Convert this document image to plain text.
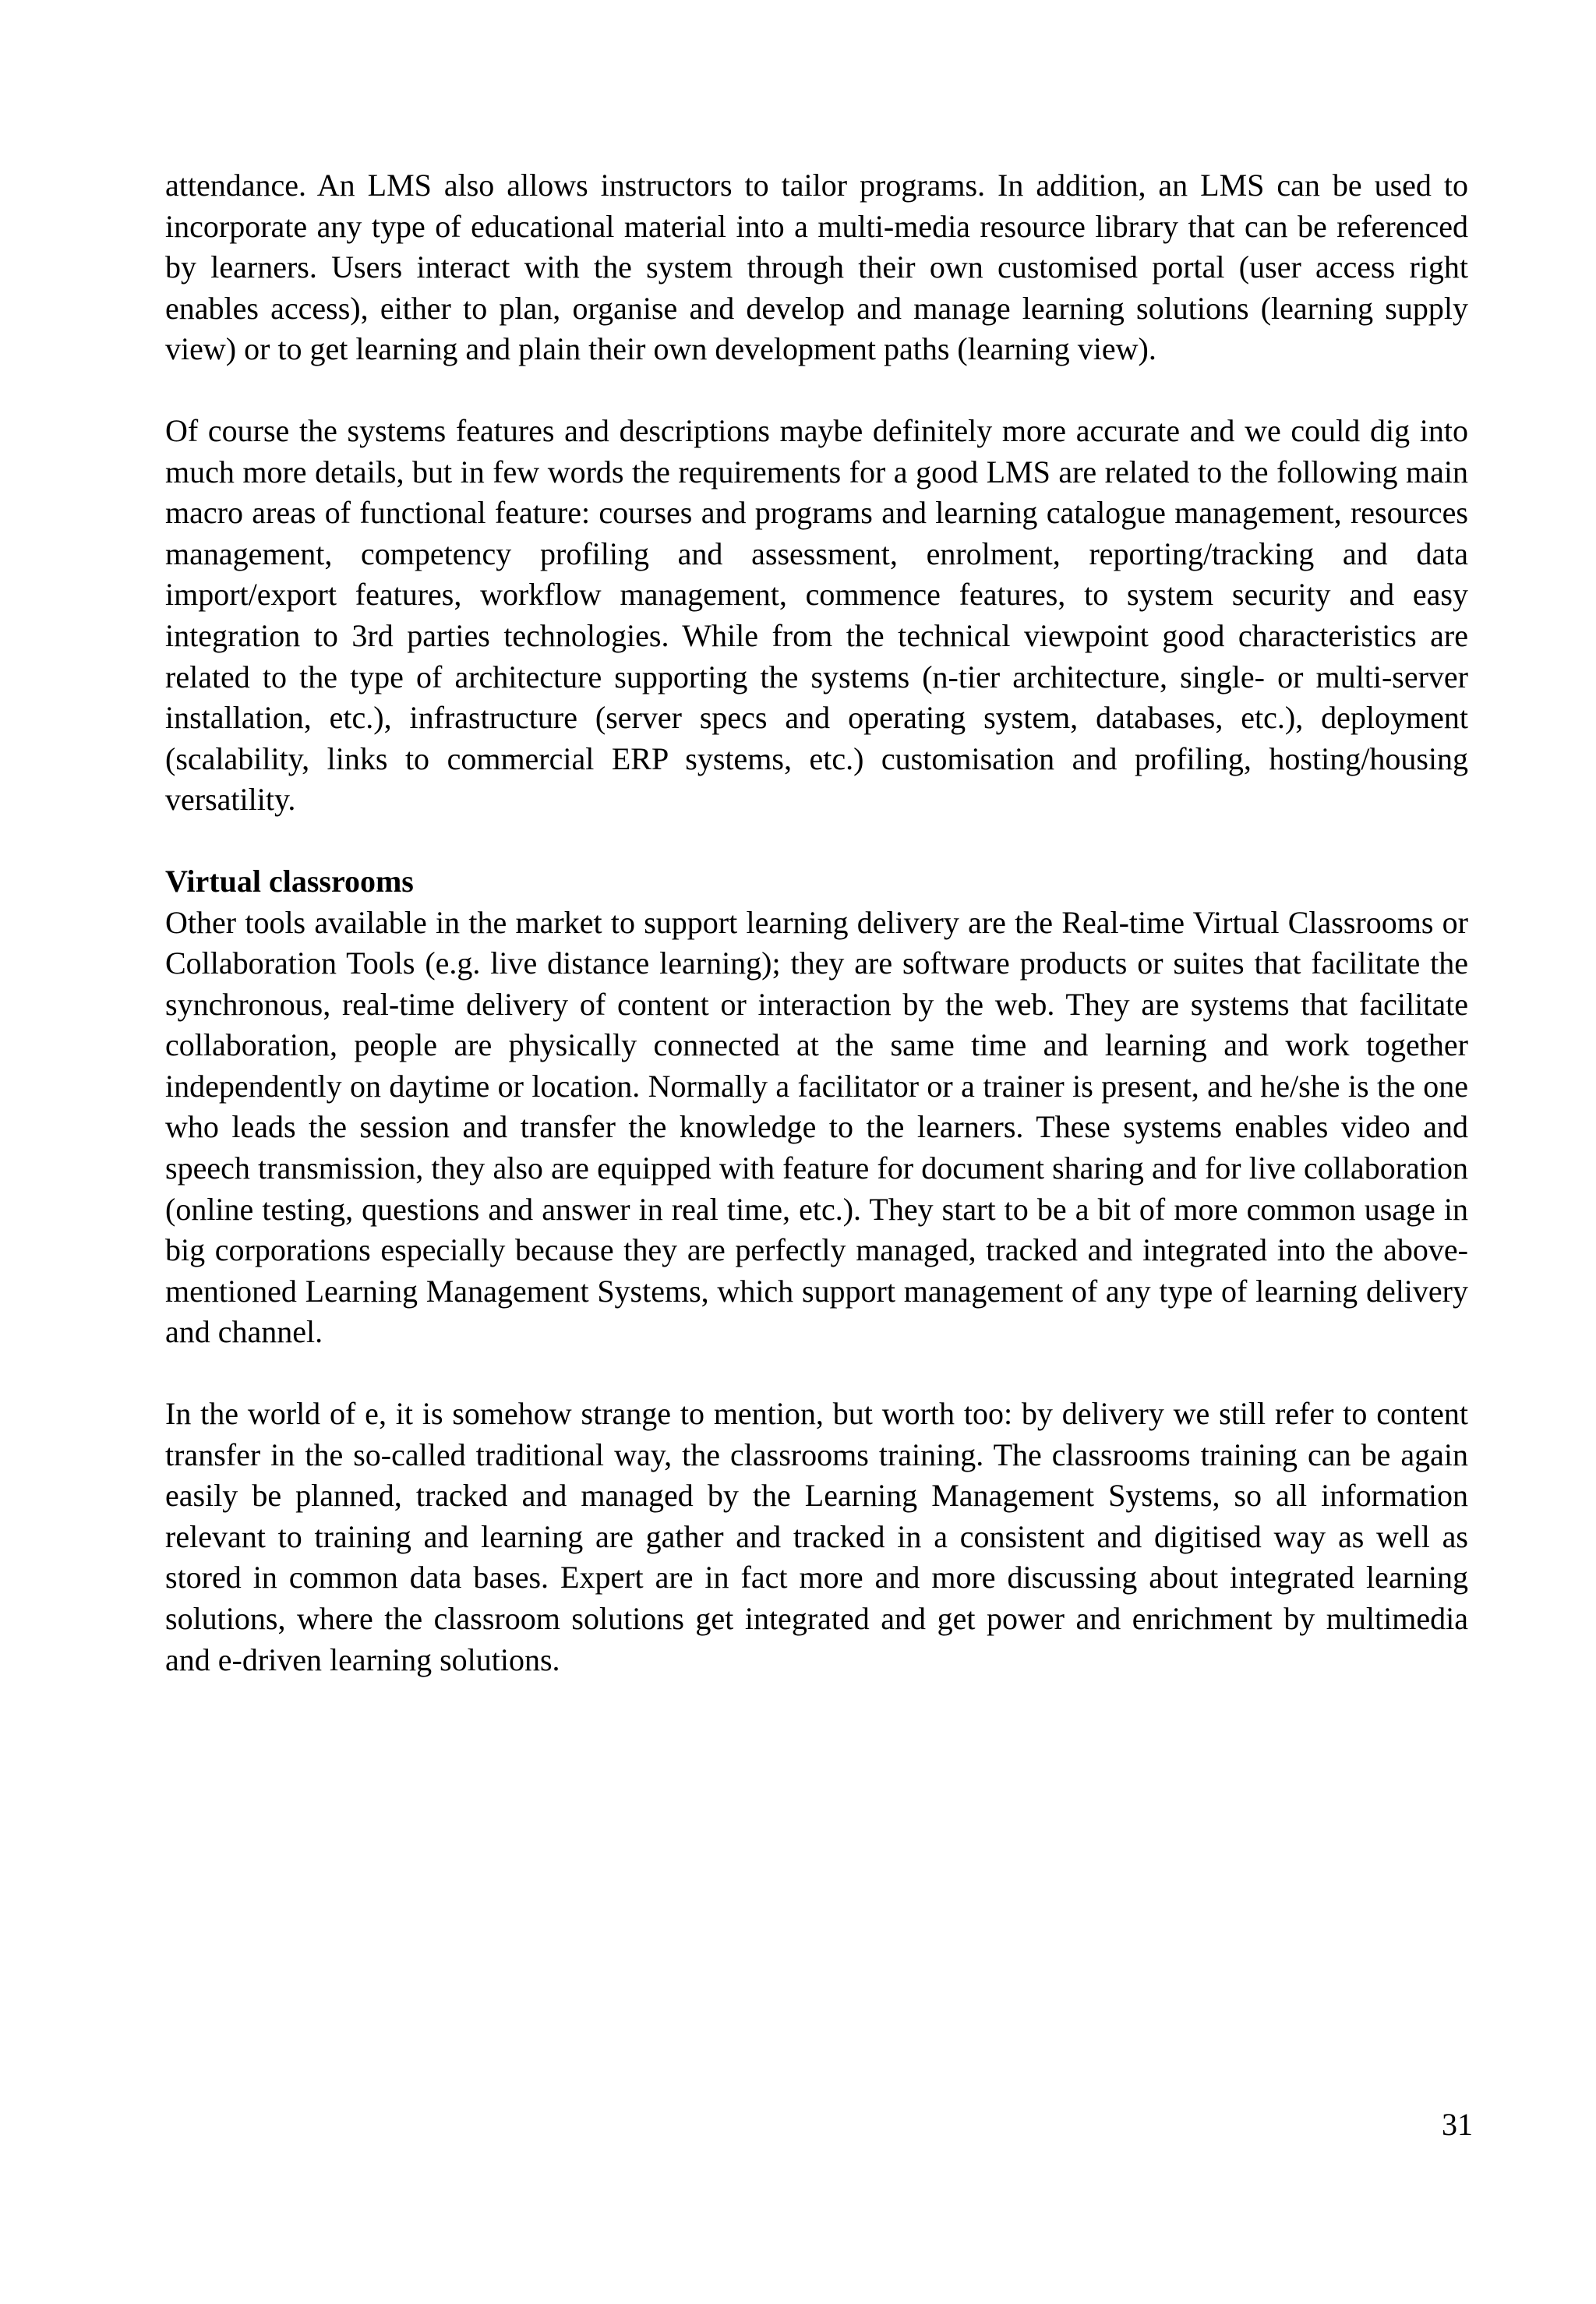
attendance. An LMS also allows instructors to tailor programs. In addition, an LMS can be used to incorporate any type of educational material into a multi-media resource library that can be referenced by learners. Users interact with the system through their own customised portal (user access right enables access), either to plan, organise and develop and manage learning solutions (learning supply view) or to get learning and plain their own development paths (learning view).

Of course the systems features and descriptions maybe definitely more accurate and we could dig into much more details, but in few words the requirements for a good LMS are related to the following main macro areas of functional feature: courses and programs and learning catalogue management, resources management, competency profiling and assessment, enrolment, reporting/tracking and data import/export features, workflow management, commence features, to system security and easy integration to 3rd parties technologies. While from the technical viewpoint good characteristics are related to the type of architecture supporting the systems (n-tier architecture, single- or multi-server installation, etc.), infrastructure (server specs and operating system, databases, etc.), deployment (scalability, links to commercial ERP systems, etc.) customisation and profiling, hosting/housing versatility.

Virtual classrooms

Other tools available in the market to support learning delivery are the Real-time Virtual Classrooms or Collaboration Tools (e.g. live distance learning); they are software products or suites that facilitate the synchronous, real-time delivery of content or interaction by the web. They are systems that facilitate collaboration, people are physically connected at the same time and learning and work together independently on daytime or location. Normally a facilitator or a trainer is present, and he/she is the one who leads the session and transfer the knowledge to the learners. These systems enables video and speech transmission, they also are equipped with feature for document sharing and for live collaboration (online testing, questions and answer in real time, etc.). They start to be a bit of more common usage in big corporations especially because they are perfectly managed, tracked and integrated into the above-mentioned Learning Management Systems, which support management of any type of learning delivery and channel.

In the world of e, it is somehow strange to mention, but worth too: by delivery we still refer to content transfer in the so-called traditional way, the classrooms training. The classrooms training can be again easily be planned, tracked and managed by the Learning Management Systems, so all information relevant to training and learning are gather and tracked in a consistent and digitised way as well as stored in common data bases. Expert are in fact more and more discussing about integrated learning solutions, where the classroom solutions get integrated and get power and enrichment by multimedia and e-driven learning solutions.

31
